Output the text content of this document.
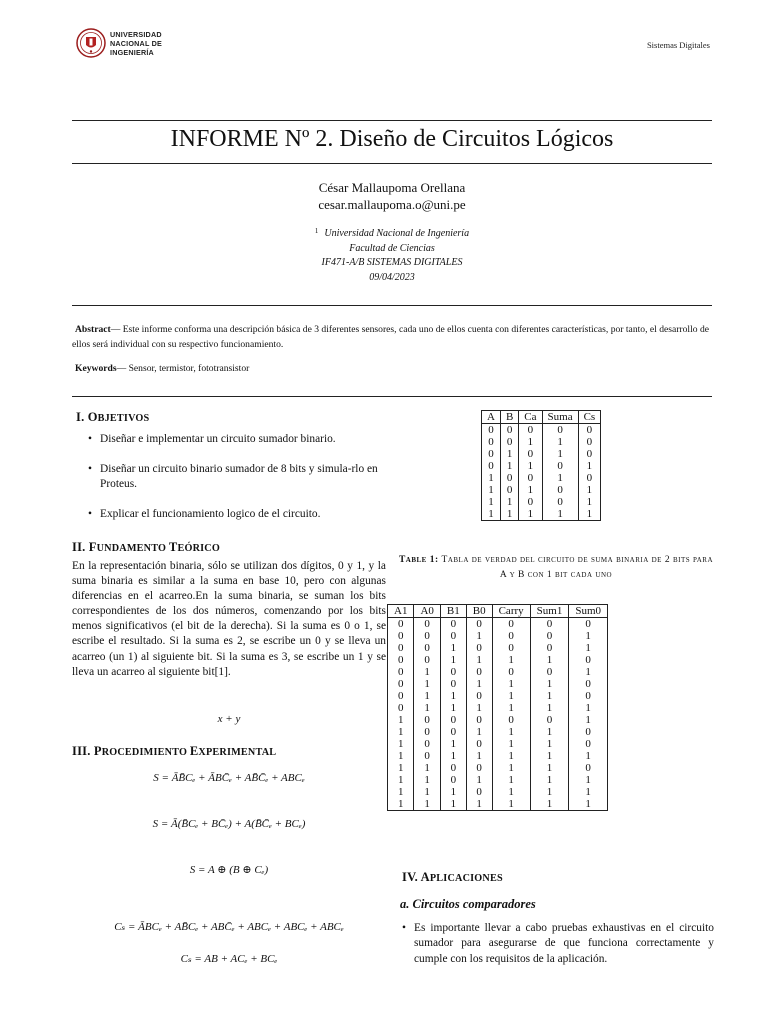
UNIVERSIDAD
NACIONAL DE
INGENIERÍA
Sistemas Digitales
INFORME Nº 2. Diseño de Circuitos Lógicos
César Mallaupoma Orellana
cesar.mallaupoma.o@uni.pe
$^1$ Universidad Nacional de Ingeniería
Facultad de Ciencias
IF471-A/B SISTEMAS DIGITALES
09/04/2023
Abstract— Este informe conforma una descripción básica de 3 diferentes sensores, cada uno de ellos cuenta con diferentes características, por tanto, el desarrollo de ellos será individual con su respectivo funcionamiento.
Keywords— Sensor, termistor, fototransistor
I. OBJETIVOS
• Diseñar e implementar un circuito sumador binario.
• Diseñar un circuito binario sumador de 8 bits y simula-rlo en Proteus.
• Explicar el funcionamiento logico de el circuito.
II. FUNDAMENTO TEÓRICO

En la representación binaria, sólo se utilizan dos dígitos, 0 y 1, y la suma binaria es similar a la suma en base 10, pero con algunas diferencias en el acarreo.En la suma binaria, se suman los bits correspondientes de los dos números, comenzando por los bits menos significativos (el bit de la derecha). Si la suma es 0 o 1, se escribe el resultado. Si la suma es 2, se escribe un 0 y se lleva un acarreo (un 1) al siguiente bit. Si la suma es 3, se escribe un 1 y se lleva un acarreo al siguiente bit[1].

x + y
III. PROCEDIMIENTO EXPERIMENTAL
S = ĀB̄Cₑ + ĀBC̄ₑ + AB̄C̄ₑ + ABCₑ
S = Ā(B̄Cₑ + BC̄ₑ) + A(B̄C̄ₑ + BCₑ)
S = A ⊕ (B ⊕ Cₑ)
Cₛ = ĀBCₑ + AB̄Cₑ + ABC̄ₑ + ABCₑ + ABCₑ + ABCₑ
Cₛ = AB + ACₑ + BCₑ
A	B	Ca	Suma	Cs
0	0	0	0	0
0	0	1	1	0
0	1	0	1	0
0	1	1	0	1
1	0	0	1	0
1	0	1	0	1
1	1	0	0	1
1	1	1	1	1
Table 1: Tabla de verdad del circuito de suma binaria de 2 bits para A y B con 1 bit cada uno
A1	A0	B1	B0	Carry	Sum1	Sum0
0	0	0	0	0	0	0
0	0	0	1	0	0	1
0	0	1	0	0	0	1
0	0	1	1	1	1	0
0	1	0	0	0	0	1
0	1	0	1	1	1	0
0	1	1	0	1	1	0
0	1	1	1	1	1	1
1	0	0	0	0	0	1
1	0	0	1	1	1	0
1	0	1	0	1	1	0
1	0	1	1	1	1	1
1	1	0	0	1	1	0
1	1	0	1	1	1	1
1	1	1	0	1	1	1
1	1	1	1	1	1	1
IV. APLICACIONES
a. Circuitos comparadores
• Es importante llevar a cabo pruebas exhaustivas en el circuito sumador para asegurarse de que funciona correctamente y cumple con los requisitos de la aplicación.
